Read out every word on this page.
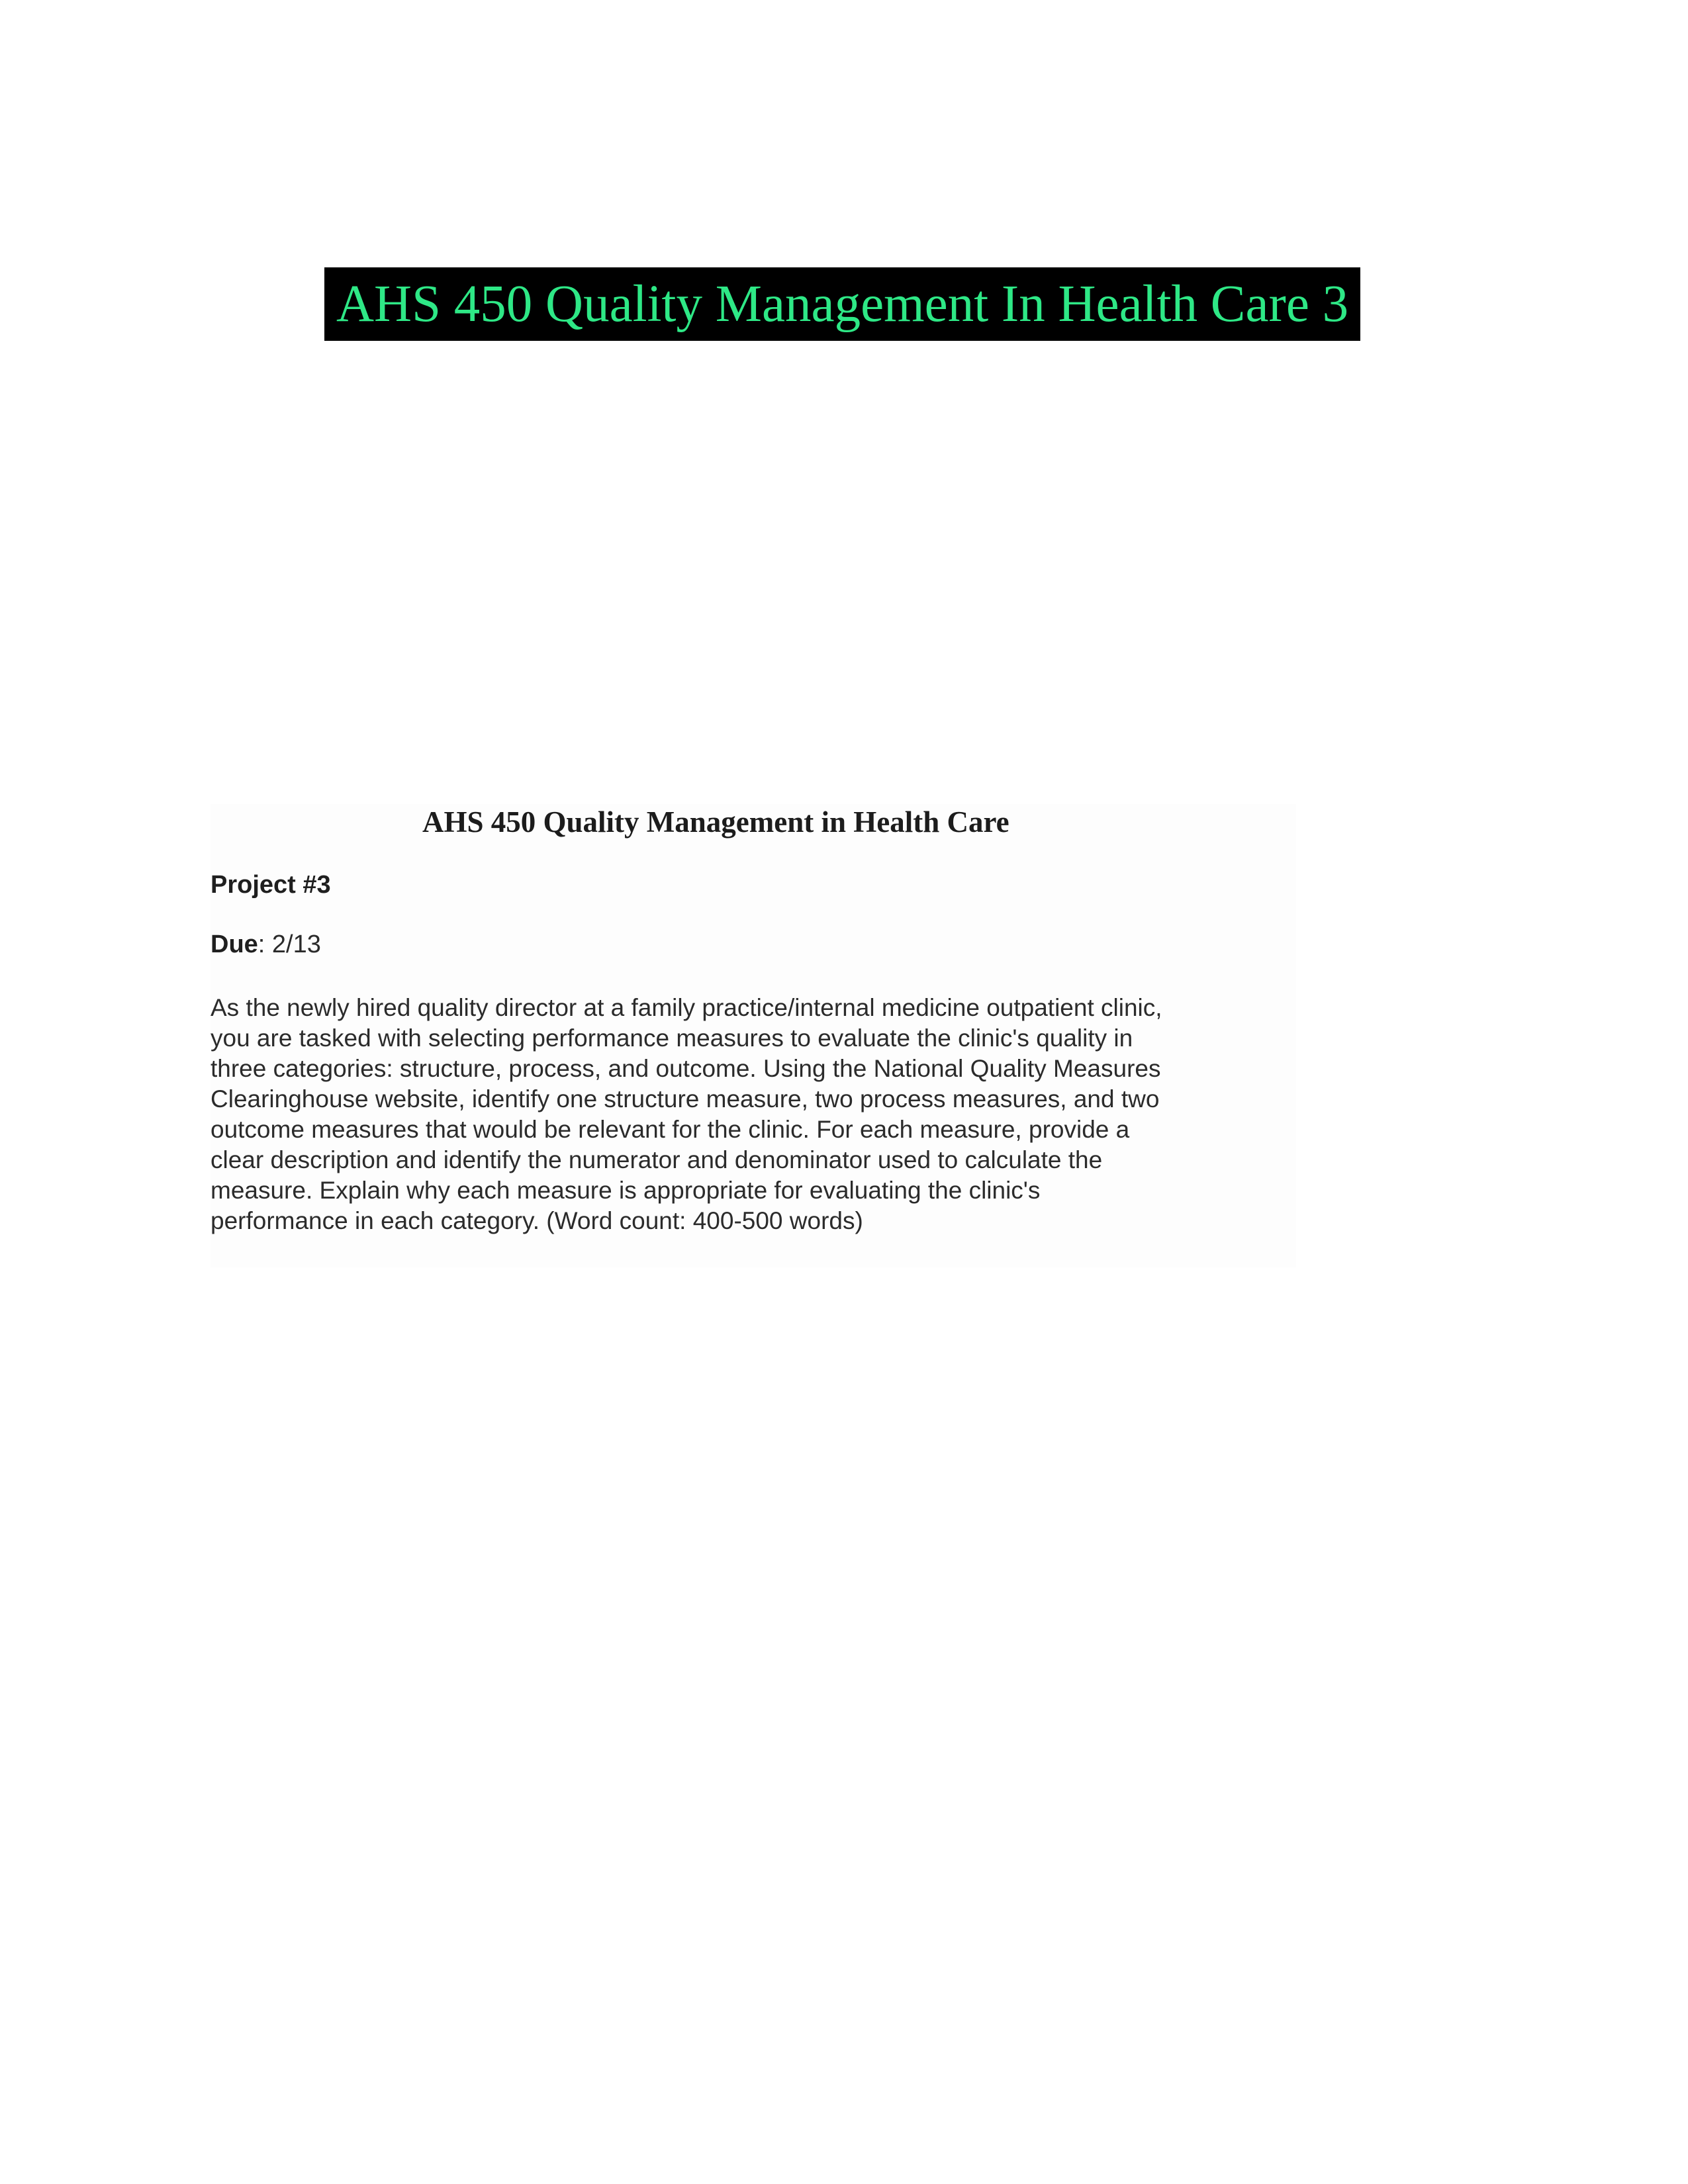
AHS 450 Quality Management In Health Care 3
AHS 450 Quality Management in Health Care

Project #3

Due: 2/13

As the newly hired quality director at a family practice/internal medicine outpatient clinic,
you are tasked with selecting performance measures to evaluate the clinic's quality in
three categories: structure, process, and outcome. Using the National Quality Measures
Clearinghouse website, identify one structure measure, two process measures, and two
outcome measures that would be relevant for the clinic. For each measure, provide a
clear description and identify the numerator and denominator used to calculate the
measure. Explain why each measure is appropriate for evaluating the clinic's
performance in each category. (Word count: 400-500 words)
